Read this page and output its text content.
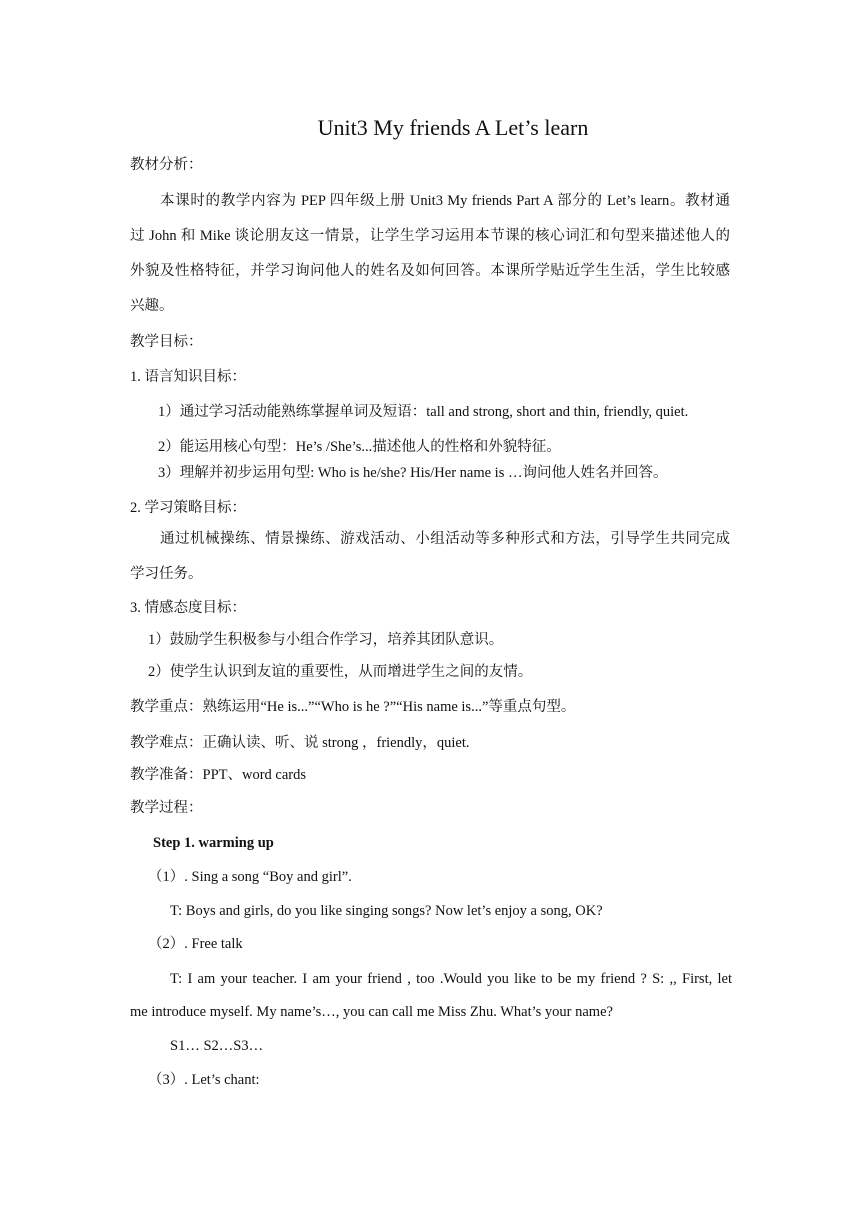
Unit3 My friends A Let’s learn
教材分析：
本课时的教学内容为 PEP 四年级上册 Unit3 My friends Part A 部分的 Let’s learn。教材通
过 John 和 Mike 谈论朋友这一情景，让学生学习运用本节课的核心词汇和句型来描述他人的
外貌及性格特征，并学习询问他人的姓名及如何回答。本课所学贴近学生生活，学生比较感
兴趣。
教学目标：
1. 语言知识目标：
1）通过学习活动能熟练掌握单词及短语：tall and strong, short and thin, friendly, quiet.
2）能运用核心句型：He’s /She’s...描述他人的性格和外貌特征。
3）理解并初步运用句型: Who is he/she? His/Her name is …询问他人姓名并回答。
2. 学习策略目标：
通过机械操练、情景操练、游戏活动、小组活动等多种形式和方法，引导学生共同完成
学习任务。
3. 情感态度目标：
1）鼓励学生积极参与小组合作学习，培养其团队意识。
2）使学生认识到友谊的重要性，从而增进学生之间的友情。
教学重点：熟练运用“He is...”“Who is he ?”“His name is...”等重点句型。
教学难点：正确认读、听、说 strong ，friendly，quiet.
教学准备：PPT、word cards
教学过程：
Step 1. warming up
（1）. Sing a song “Boy and girl”.
T: Boys and girls, do you like singing songs? Now let’s enjoy a song, OK?
（2）. Free talk
T: I am your teacher. I am your friend , too .Would you like to be my friend ? S: ,, First, let
me introduce myself. My name’s…, you can call me Miss Zhu. What’s your name?
S1… S2…S3…
（3）. Let’s chant:
